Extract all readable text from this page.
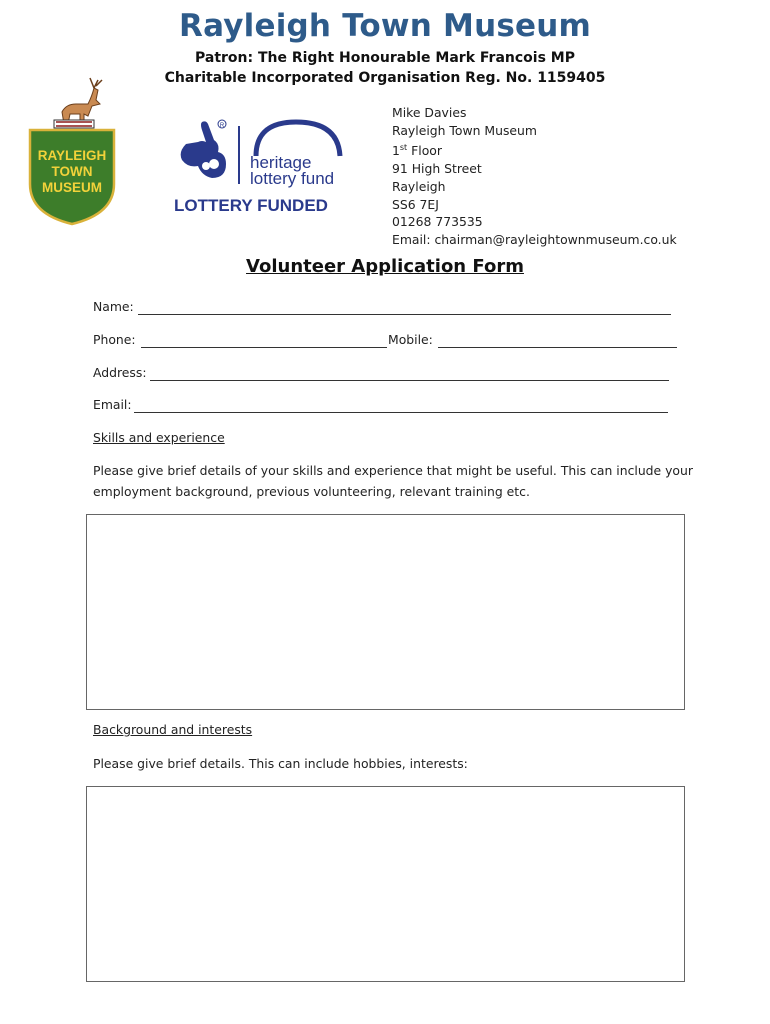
Rayleigh Town Museum
Patron: The Right Honourable Mark Francois MP
Charitable Incorporated Organisation Reg. No. 1159405
RAYLEIGH
TOWN
MUSEUM
R
heritage
lottery fund
LOTTERY FUNDED
Mike Davies
Rayleigh Town Museum
1st Floor
91 High Street
Rayleigh
SS6 7EJ
01268 773535
Email: chairman@rayleightownmuseum.co.uk
Volunteer Application Form
Name:
Phone:	Mobile:
Address:
Email:
Skills and experience
Please give brief details of your skills and experience that might be useful. This can include your employment background, previous volunteering, relevant training etc.
Background and interests
Please give brief details. This can include hobbies, interests:
